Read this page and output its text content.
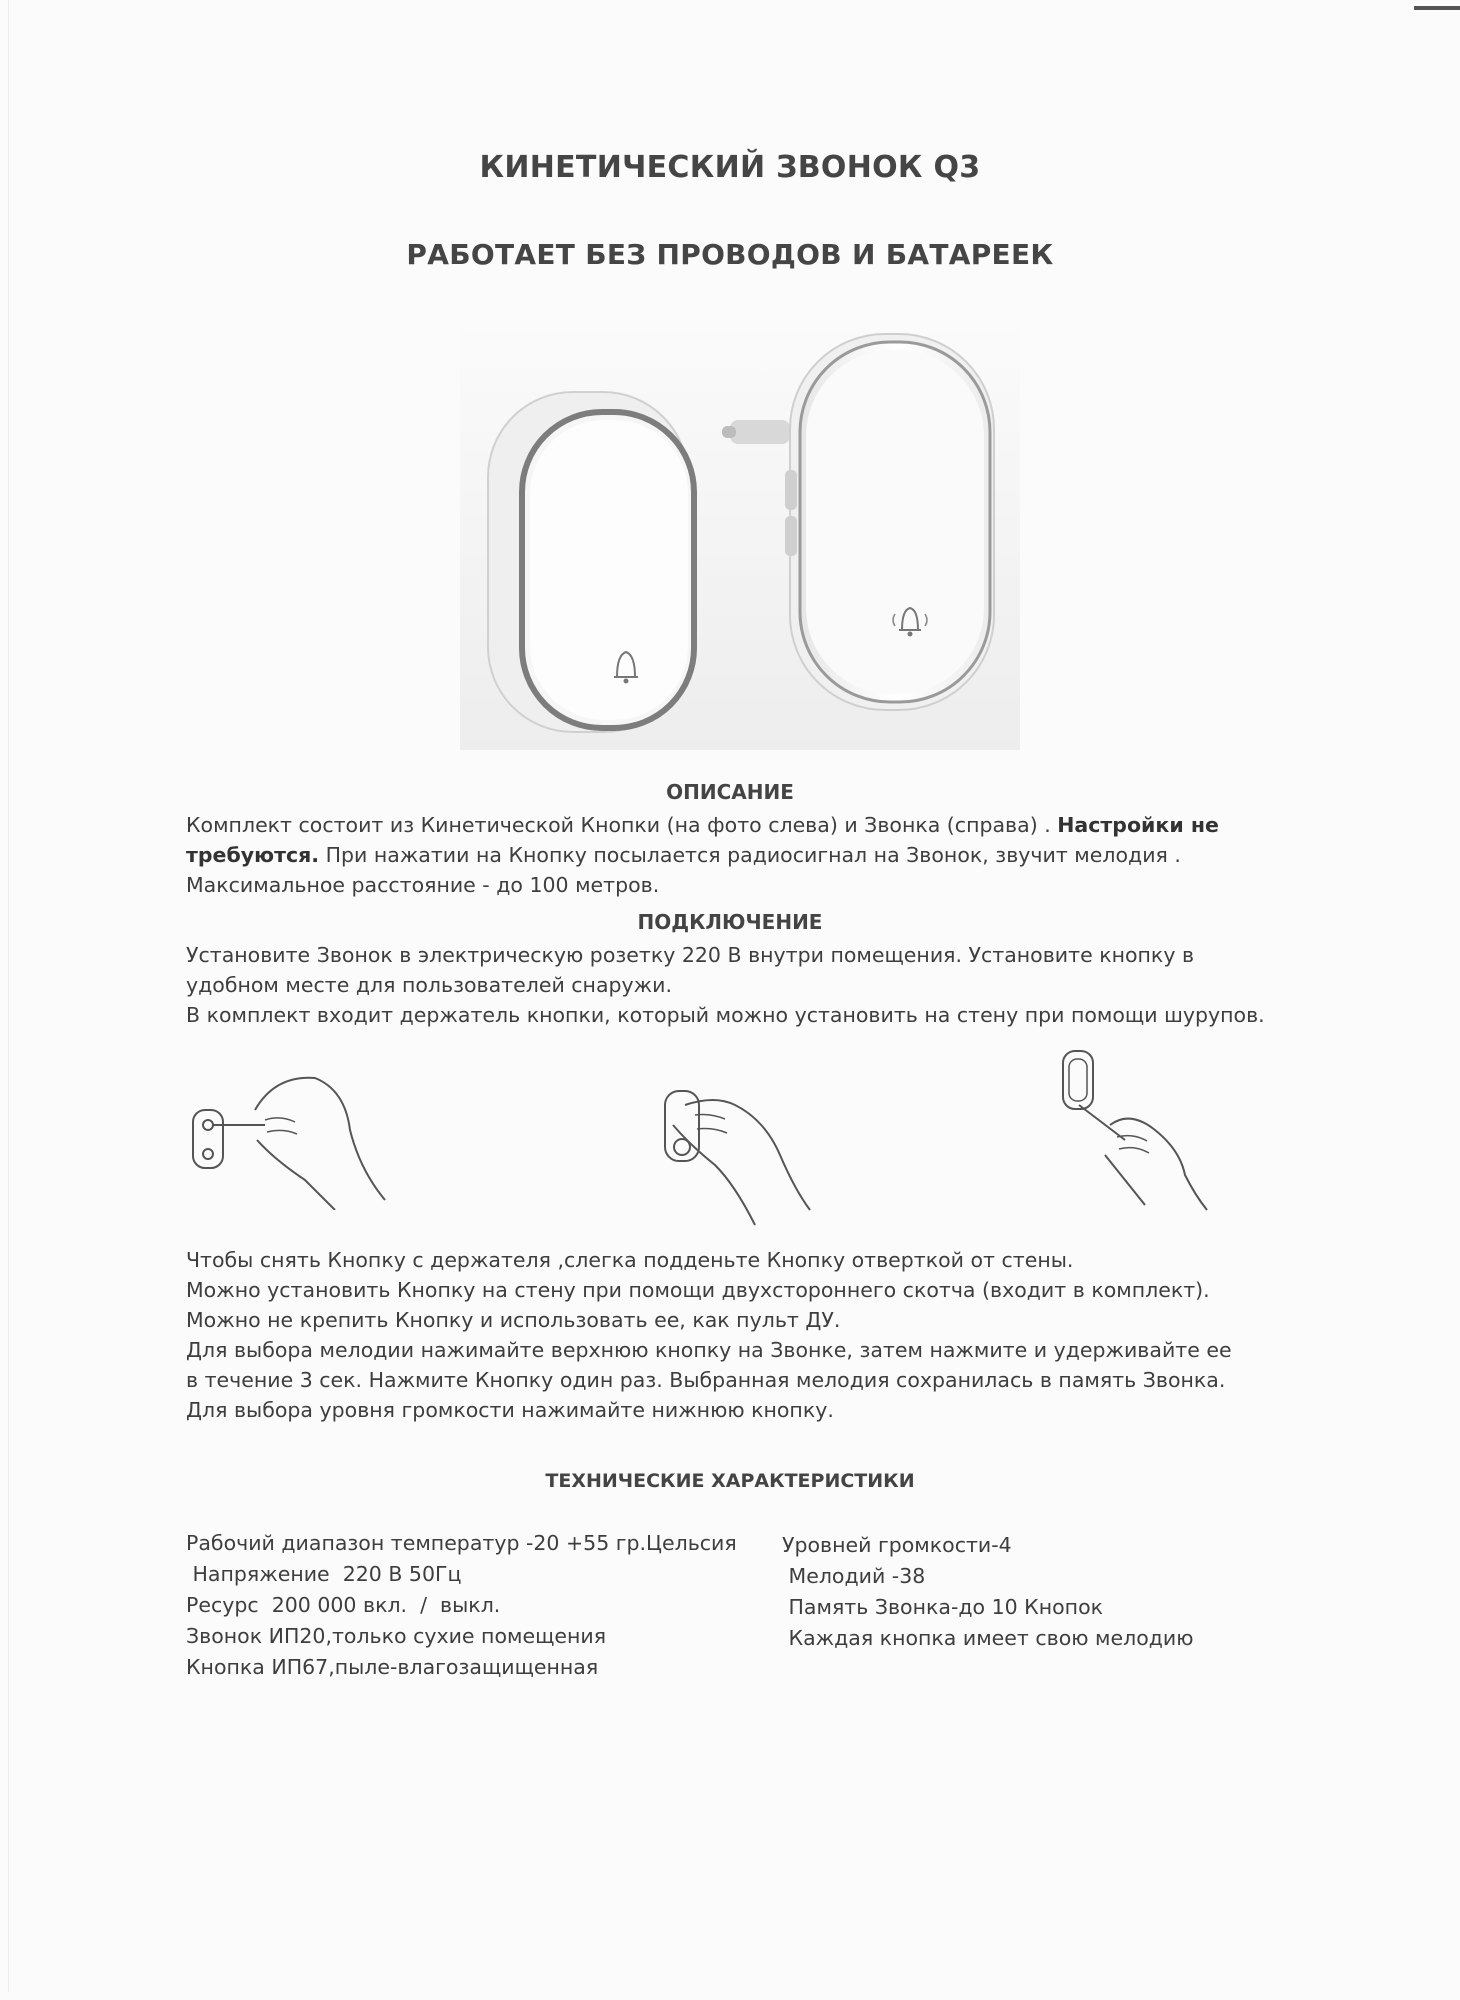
КИНЕТИЧЕСКИЙ ЗВОНОК Q3
РАБОТАЕТ БЕЗ ПРОВОДОВ И БАТАРЕЕК
ОПИСАНИЕ
Комплект состоит из Кинетической Кнопки (на фото слева) и Звонка (справа) . Настройки не
требуются. При нажатии на Кнопку посылается радиосигнал на Звонок, звучит мелодия .
Максимальное расстояние - до 100 метров.
ПОДКЛЮЧЕНИЕ
Установите Звонок в электрическую розетку 220 В внутри помещения. Установите кнопку в
удобном месте для пользователей снаружи.
В комплект входит держатель кнопки, который можно установить на стену при помощи шурупов.
Чтобы снять Кнопку с держателя ,слегка подденьте Кнопку отверткой от стены.
Можно установить Кнопку на стену при помощи двухстороннего скотча (входит в комплект).
Можно не крепить Кнопку и использовать ее, как пульт ДУ.
Для выбора мелодии нажимайте верхнюю кнопку на Звонке, затем нажмите и удерживайте ее
в течение 3 сек. Нажмите Кнопку один раз. Выбранная мелодия сохранилась в память Звонка.
Для выбора уровня громкости нажимайте нижнюю кнопку.
ТЕХНИЧЕСКИЕ ХАРАКТЕРИСТИКИ
Рабочий диапазон температур -20 +55 гр.Цельсия
Напряжение  220 В 50Гц
Ресурс  200 000 вкл.  /  выкл.
Звонок ИП20,только сухие помещения
Кнопка ИП67,пыле-влагозащищенная
Уровней громкости-4
Мелодий -38
Память Звонка-до 10 Кнопок
Каждая кнопка имеет свою мелодию
